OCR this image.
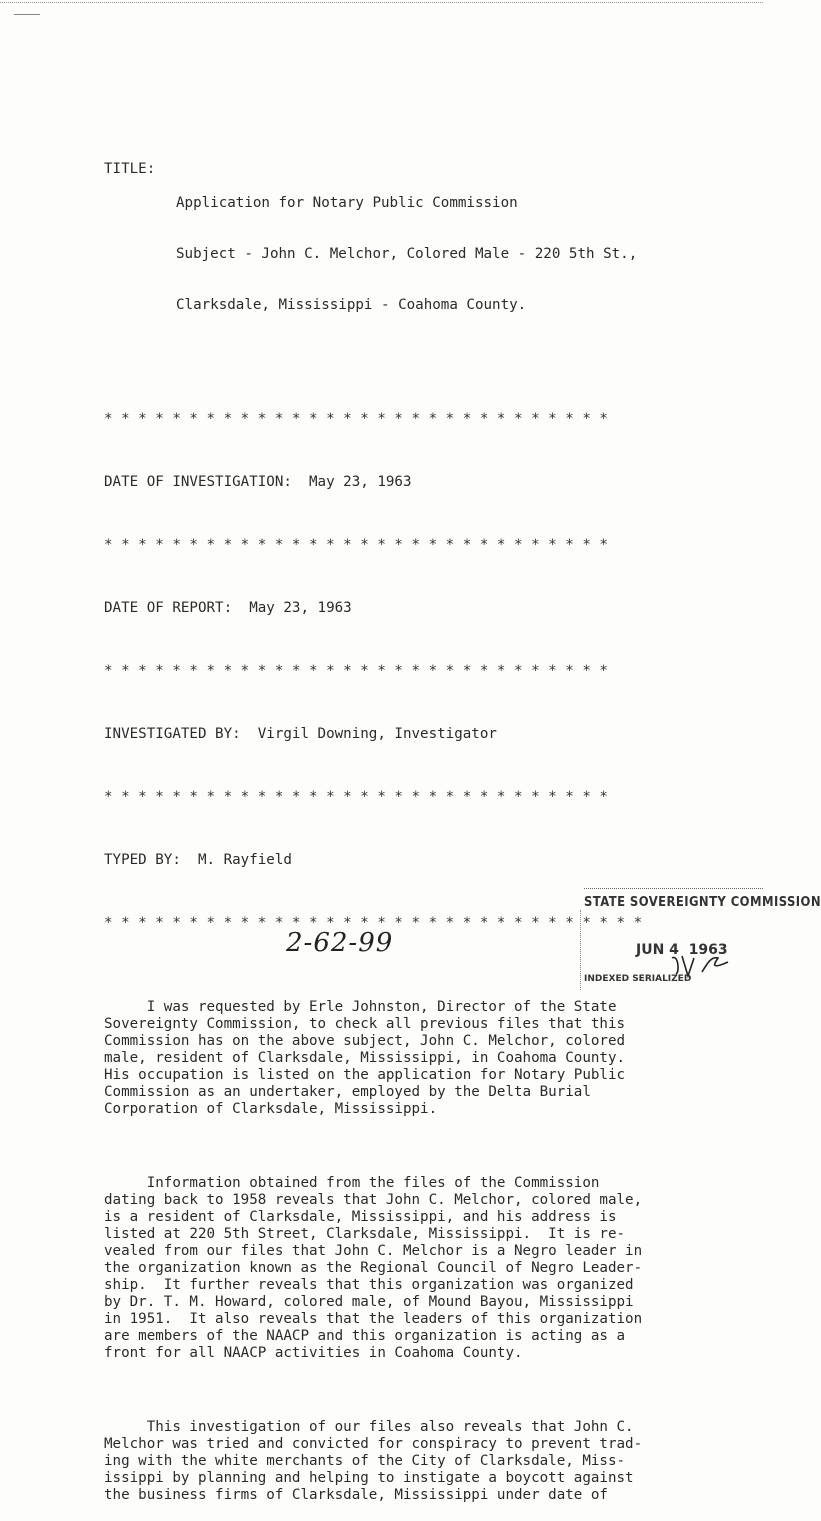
TITLE:

Application for Notary Public Commission

Subject - John C. Melchor, Colored Male - 220 5th St.,

Clarksdale, Mississippi - Coahoma County.

* * * * * * * * * * * * * * * * * * * * * * * * * * * * * *

DATE OF INVESTIGATION:  May 23, 1963

* * * * * * * * * * * * * * * * * * * * * * * * * * * * * *

DATE OF REPORT:  May 23, 1963

* * * * * * * * * * * * * * * * * * * * * * * * * * * * * *

INVESTIGATED BY:  Virgil Downing, Investigator

* * * * * * * * * * * * * * * * * * * * * * * * * * * * * *

TYPED BY:  M. Rayfield

* * * * * * * * * * * * * * * * * * * * * * * * * * * * * * * *

I was requested by Erle Johnston, Director of the State
Sovereignty Commission, to check all previous files that this
Commission has on the above subject, John C. Melchor, colored
male, resident of Clarksdale, Mississippi, in Coahoma County.
His occupation is listed on the application for Notary Public
Commission as an undertaker, employed by the Delta Burial
Corporation of Clarksdale, Mississippi.

Information obtained from the files of the Commission
dating back to 1958 reveals that John C. Melchor, colored male,
is a resident of Clarksdale, Mississippi, and his address is
listed at 220 5th Street, Clarksdale, Mississippi.  It is re-
vealed from our files that John C. Melchor is a Negro leader in
the organization known as the Regional Council of Negro Leader-
ship.  It further reveals that this organization was organized
by Dr. T. M. Howard, colored male, of Mound Bayou, Mississippi
in 1951.  It also reveals that the leaders of this organization
are members of the NAACP and this organization is acting as a
front for all NAACP activities in Coahoma County.

This investigation of our files also reveals that John C.
Melchor was tried and convicted for conspiracy to prevent trad-
ing with the white merchants of the City of Clarksdale, Miss-
issippi by planning and helping to instigate a boycott against
the business firms of Clarksdale, Mississippi under date of

2-62-99
STATE SOVEREIGNTY COMMISSION
JUN 4  1963
INDEXED SERIALIZED
